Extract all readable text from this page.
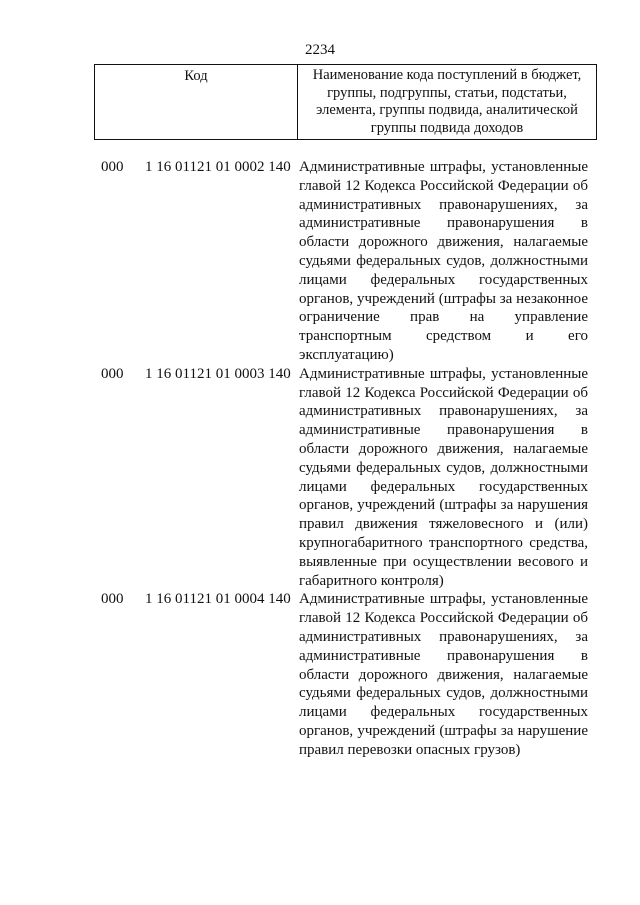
2234
Код	Наименование кода поступлений в бюджет, группы, подгруппы, статьи, подстатьи, элемента, группы подвида, аналитической группы подвида доходов
000 1 16 01121 01 0002 140 Административные штрафы, установленные главой 12 Кодекса Российской Федерации об административных правонарушениях, за административные правонарушения в области дорожного движения, налагаемые судьями федеральных судов, должностными лицами федеральных государственных органов, учреждений (штрафы за незаконное ограничение прав на управление транспортным средством и его эксплуатацию)
000 1 16 01121 01 0003 140 Административные штрафы, установленные главой 12 Кодекса Российской Федерации об административных правонарушениях, за административные правонарушения в области дорожного движения, налагаемые судьями федеральных судов, должностными лицами федеральных государственных органов, учреждений (штрафы за нарушения правил движения тяжеловесного и (или) крупногабаритного транспортного средства, выявленные при осуществлении весового и габаритного контроля)
000 1 16 01121 01 0004 140 Административные штрафы, установленные главой 12 Кодекса Российской Федерации об административных правонарушениях, за административные правонарушения в области дорожного движения, налагаемые судьями федеральных судов, должностными лицами федеральных государственных органов, учреждений (штрафы за нарушение правил перевозки опасных грузов)
